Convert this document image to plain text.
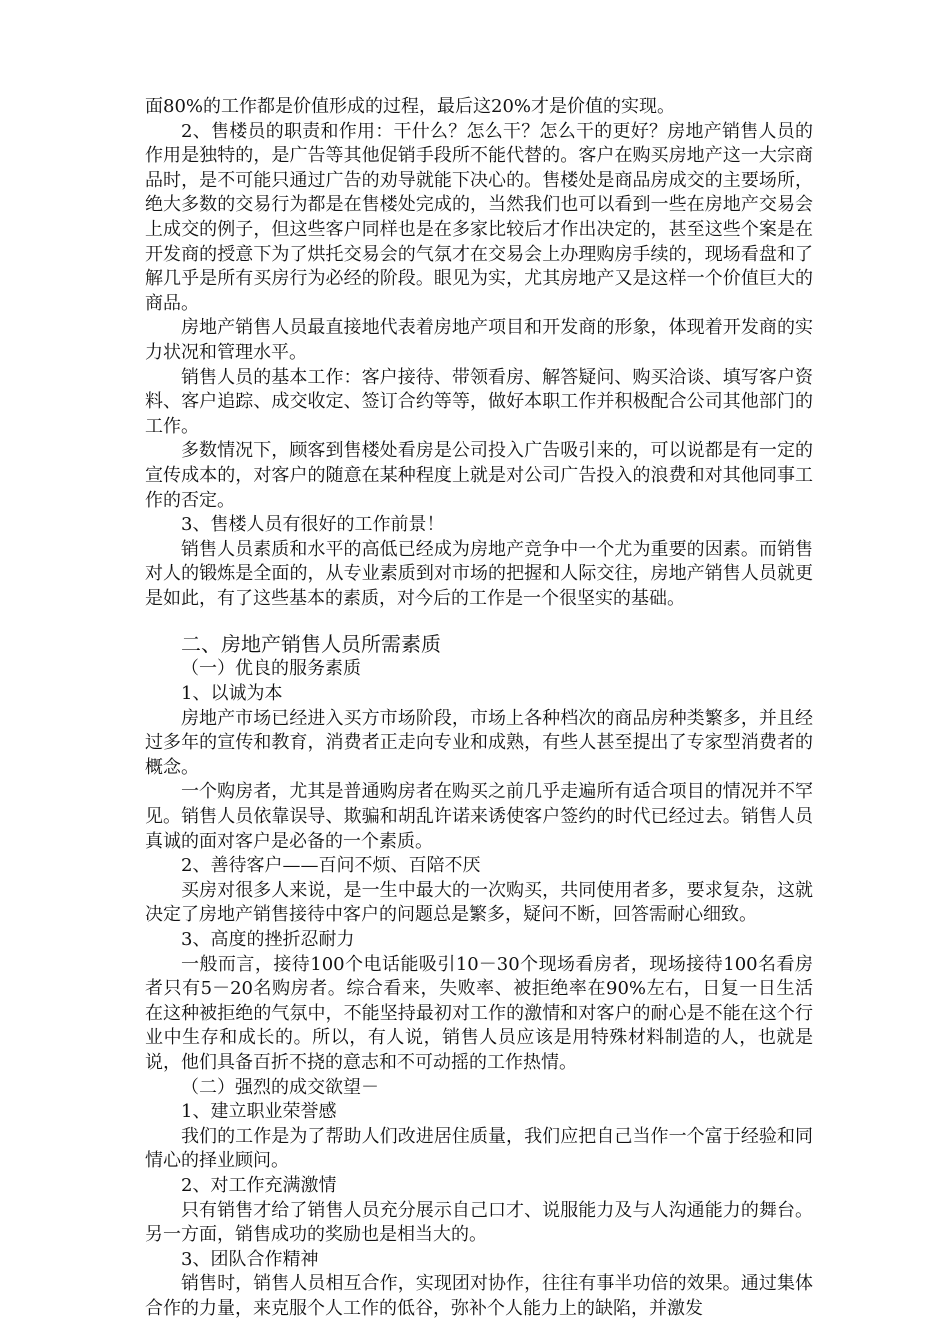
面80%的工作都是价值形成的过程，最后这20%才是价值的实现。

2、售楼员的职责和作用：干什么？怎么干？怎么干的更好？房地产销售人员的作用是独特的，是广告等其他促销手段所不能代替的。客户在购买房地产这一大宗商品时，是不可能只通过广告的劝导就能下决心的。售楼处是商品房成交的主要场所，绝大多数的交易行为都是在售楼处完成的，当然我们也可以看到一些在房地产交易会上成交的例子，但这些客户同样也是在多家比较后才作出决定的，甚至这些个案是在开发商的授意下为了烘托交易会的气氛才在交易会上办理购房手续的，现场看盘和了解几乎是所有买房行为必经的阶段。眼见为实，尤其房地产又是这样一个价值巨大的商品。

房地产销售人员最直接地代表着房地产项目和开发商的形象，体现着开发商的实力状况和管理水平。

销售人员的基本工作：客户接待、带领看房、解答疑问、购买洽谈、填写客户资料、客户追踪、成交收定、签订合约等等，做好本职工作并积极配合公司其他部门的工作。

多数情况下，顾客到售楼处看房是公司投入广告吸引来的，可以说都是有一定的宣传成本的，对客户的随意在某种程度上就是对公司广告投入的浪费和对其他同事工作的否定。

3、售楼人员有很好的工作前景！

销售人员素质和水平的高低已经成为房地产竞争中一个尤为重要的因素。而销售对人的锻炼是全面的，从专业素质到对市场的把握和人际交往，房地产销售人员就更是如此，有了这些基本的素质，对今后的工作是一个很坚实的基础。

二、房地产销售人员所需素质

（一）优良的服务素质

1、以诚为本

房地产市场已经进入买方市场阶段，市场上各种档次的商品房种类繁多，并且经过多年的宣传和教育，消费者正走向专业和成熟，有些人甚至提出了专家型消费者的概念。

一个购房者，尤其是普通购房者在购买之前几乎走遍所有适合项目的情况并不罕见。销售人员依靠误导、欺骗和胡乱许诺来诱使客户签约的时代已经过去。销售人员真诚的面对客户是必备的一个素质。

2、善待客户——百问不烦、百陪不厌

买房对很多人来说，是一生中最大的一次购买，共同使用者多，要求复杂，这就决定了房地产销售接待中客户的问题总是繁多，疑问不断，回答需耐心细致。

3、高度的挫折忍耐力

一般而言，接待100个电话能吸引10－30个现场看房者，现场接待100名看房者只有5－20名购房者。综合看来，失败率、被拒绝率在90%左右，日复一日生活在这种被拒绝的气氛中，不能坚持最初对工作的激情和对客户的耐心是不能在这个行业中生存和成长的。所以，有人说，销售人员应该是用特殊材料制造的人，也就是说，他们具备百折不挠的意志和不可动摇的工作热情。

（二）强烈的成交欲望－

1、建立职业荣誉感

我们的工作是为了帮助人们改进居住质量，我们应把自己当作一个富于经验和同情心的择业顾问。

2、对工作充满激情

只有销售才给了销售人员充分展示自己口才、说服能力及与人沟通能力的舞台。另一方面，销售成功的奖励也是相当大的。

3、团队合作精神

销售时，销售人员相互合作，实现团对协作，往往有事半功倍的效果。通过集体合作的力量，来克服个人工作的低谷，弥补个人能力上的缺陷，并激发
